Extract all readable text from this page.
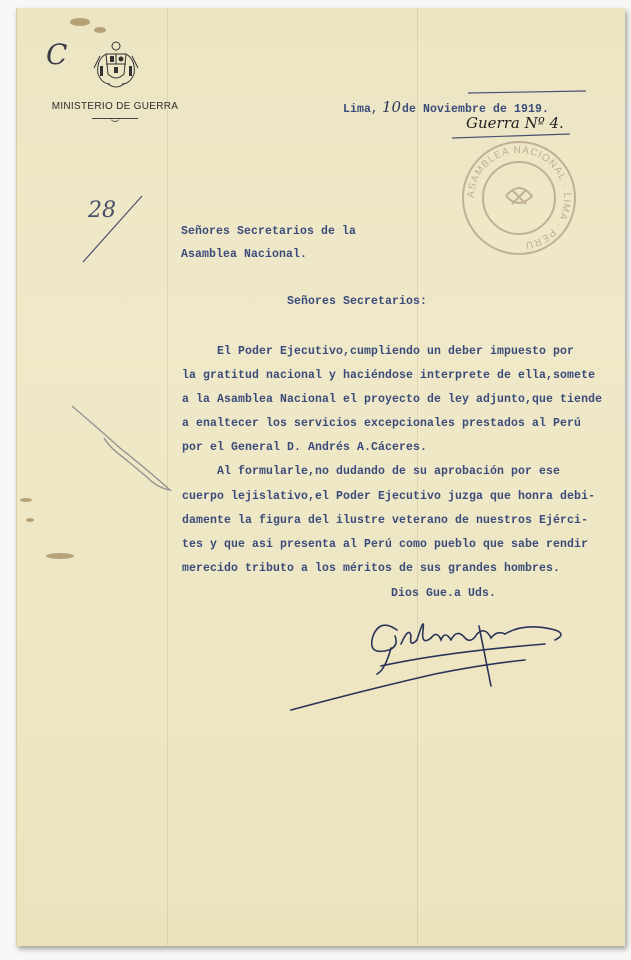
MINISTERIO DE GUERRA	Lima, 10 de Noviembre de 1919.
C
28
Guerra Nº 4.
ASAMBLEA NACIONAL · LIMA · PERÚ
Señores Secretarios de la
Asamblea Nacional.
Señores Secretarios:
El Poder Ejecutivo,cumpliendo un deber impuesto por
la gratitud nacional y haciéndose interprete de ella,somete
a la Asamblea Nacional el proyecto de ley adjunto,que tiende
a enaltecer los servicios excepcionales prestados al Perú
por el General D. Andrés A.Cáceres.
Al formularle,no dudando de su aprobación por ese
cuerpo lejislativo,el Poder Ejecutivo juzga que honra debi-
damente la figura del ilustre veterano de nuestros Ejérci-
tes y que asi presenta al Perú como pueblo que sabe rendir
merecido tributo a los méritos de sus grandes hombres.
Dios Gue.a Uds.
